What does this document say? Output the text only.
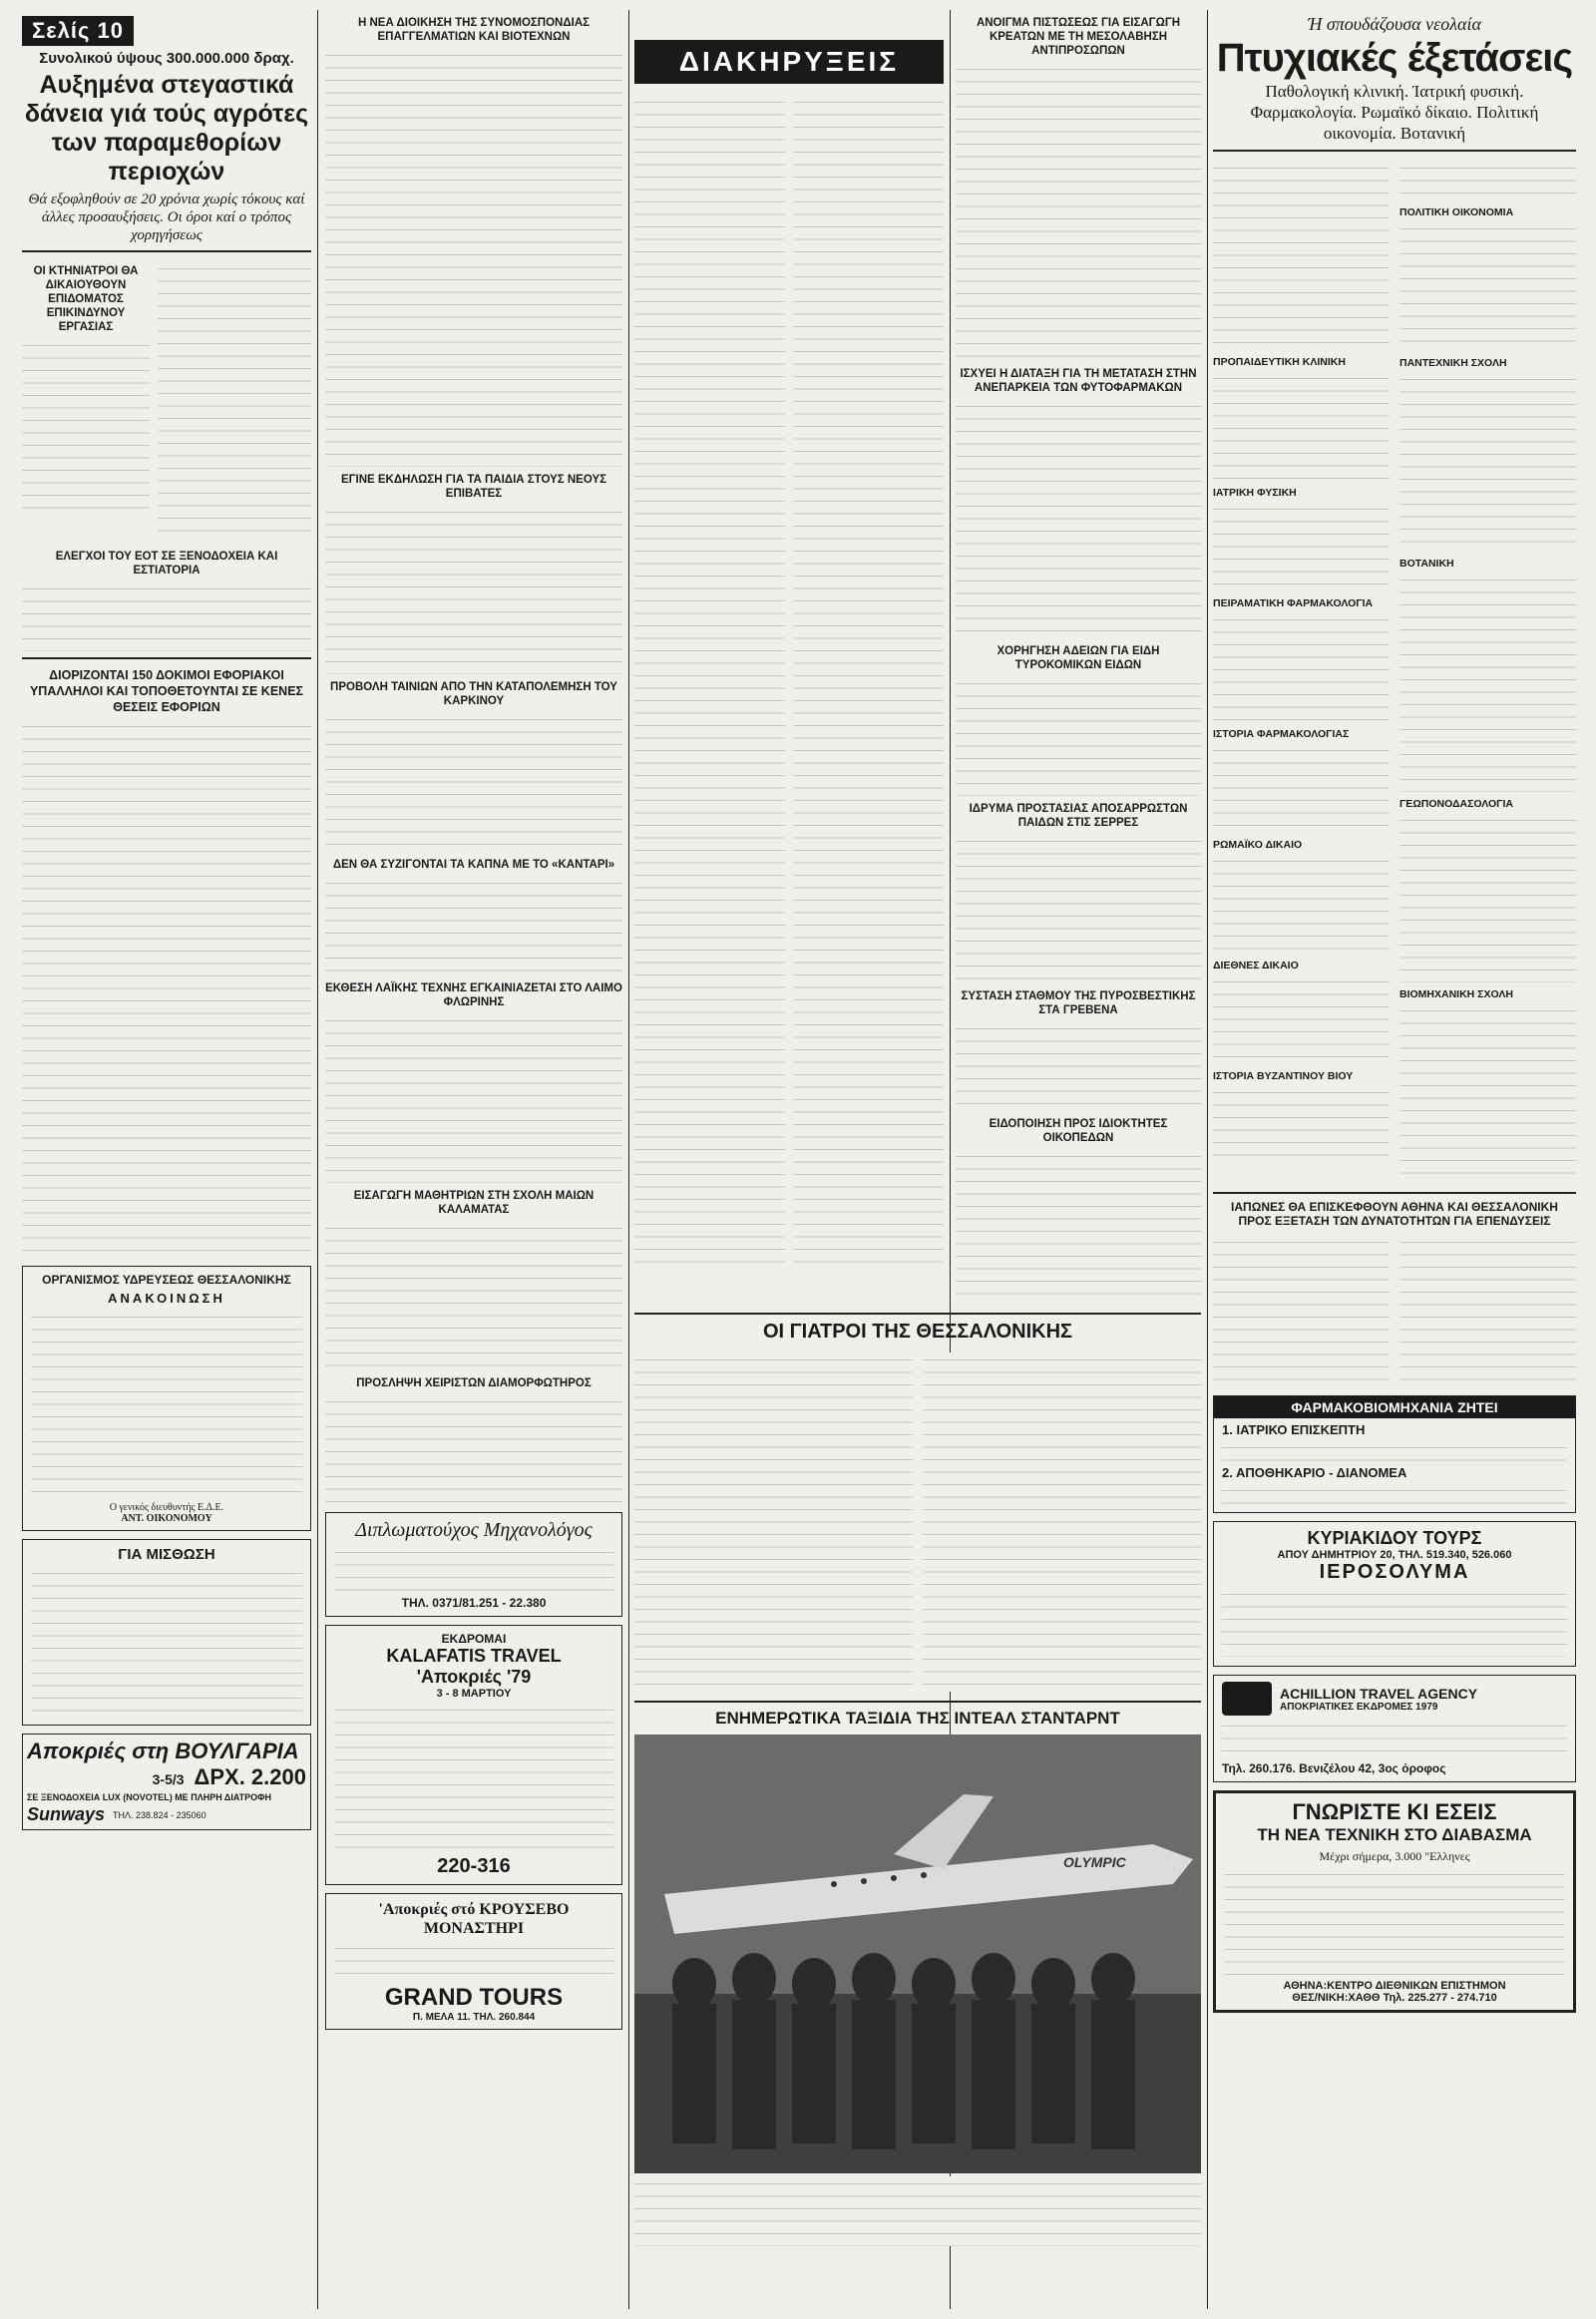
Σελίς 10
Συνολικού ύψους 300.000.000 δραχ.
Αυξημένα στεγαστικά δάνεια γιά τούς αγρότες των παραμεθορίων περιοχών
Θά εξοφληθούν σε 20 χρόνια χωρίς τόκους καί άλλες προσαυξήσεις. Οι όροι καί ο τρόπος χορηγήσεως
ΟΙ ΚΤΗΝΙΑΤΡΟΙ ΘΑ ΔΙΚΑΙΟΥΘΟΥΝ ΕΠΙΔΟΜΑΤΟΣ ΕΠΙΚΙΝΔΥΝΟΥ ΕΡΓΑΣΙΑΣ
ΕΛΕΓΧΟΙ ΤΟΥ ΕΟΤ ΣΕ ΞΕΝΟΔΟΧΕΙΑ ΚΑΙ ΕΣΤΙΑΤΟΡΙΑ
ΔΙΟΡΙΖΟΝΤΑΙ 150 ΔΟΚΙΜΟΙ ΕΦΟΡΙΑΚΟΙ ΥΠΑΛΛΗΛΟΙ ΚΑΙ ΤΟΠΟΘΕΤΟΥΝΤΑΙ ΣΕ ΚΕΝΕΣ ΘΕΣΕΙΣ ΕΦΟΡΙΩΝ
ΟΡΓΑΝΙΣΜΟΣ ΥΔΡΕΥΣΕΩΣ ΘΕΣΣΑΛΟΝΙΚΗΣ
ΑΝΑΚΟΙΝΩΣΗ
Ο γενικός διευθυντής Ε.Δ.Ε.
ΑΝΤ. ΟΙΚΟΝΟΜΟΥ
ΓΙΑ ΜΙΣΘΩΣΗ
Αποκριές στη ΒΟΥΛΓΑΡΙΑ
3-5/3 ΔΡΧ. 2.200
ΣΕ ΞΕΝΟΔΟΧΕΙΑ LUX (NOVOTEL) ΜΕ ΠΛΗΡΗ ΔΙΑΤΡΟΦΗ
Sunways ΤΗΛ. 238.824 - 235060
Η ΝΕΑ ΔΙΟΙΚΗΣΗ ΤΗΣ ΣΥΝΟΜΟΣΠΟΝΔΙΑΣ ΕΠΑΓΓΕΛΜΑΤΙΩΝ ΚΑΙ ΒΙΟΤΕΧΝΩΝ
ΕΓΙΝΕ ΕΚΔΗΛΩΣΗ ΓΙΑ ΤΑ ΠΑΙΔΙΑ ΣΤΟΥΣ ΝΕΟΥΣ ΕΠΙΒΑΤΕΣ
ΠΡΟΒΟΛΗ ΤΑΙΝΙΩΝ ΑΠΟ ΤΗΝ ΚΑΤΑΠΟΛΕΜΗΣΗ ΤΟΥ ΚΑΡΚΙΝΟΥ
ΔΕΝ ΘΑ ΣΥΖΙΓΟΝΤΑΙ ΤΑ ΚΑΠΝΑ ΜΕ ΤΟ «ΚΑΝΤΑΡΙ»
ΕΚΘΕΣΗ ΛΑΪΚΗΣ ΤΕΧΝΗΣ ΕΓΚΑΙΝΙΑΖΕΤΑΙ ΣΤΟ ΛΑΙΜΟ ΦΛΩΡΙΝΗΣ
ΕΙΣΑΓΩΓΗ ΜΑΘΗΤΡΙΩΝ ΣΤΗ ΣΧΟΛΗ ΜΑΙΩΝ ΚΑΛΑΜΑΤΑΣ
ΠΡΟΣΛΗΨΗ ΧΕΙΡΙΣΤΩΝ ΔΙΑΜΟΡΦΩΤΗΡΟΣ
Διπλωματούχος Μηχανολόγος
ΤΗΛ. 0371/81.251 - 22.380
ΕΚΔΡΟΜΑΙ
KALAFATIS TRAVEL
'Αποκριές '79
3 - 8 ΜΑΡΤΙΟΥ
220-316
'Αποκριές στό ΚΡΟΥΣΕΒΟ ΜΟΝΑΣΤΗΡΙ
GRAND TOURS
Π. ΜΕΛΑ 11. ΤΗΛ. 260.844
ΔΙΑΚΗΡΥΞΕΙΣ
ΑΝΟΙΓΜΑ ΠΙΣΤΩΣΕΩΣ ΓΙΑ ΕΙΣΑΓΩΓΗ ΚΡΕΑΤΩΝ ΜΕ ΤΗ ΜΕΣΟΛΑΒΗΣΗ ΑΝΤΙΠΡΟΣΩΠΩΝ
ΙΣΧΥΕΙ Η ΔΙΑΤΑΞΗ ΓΙΑ ΤΗ ΜΕΤΑΤΑΣΗ ΣΤΗΝ ΑΝΕΠΑΡΚΕΙΑ ΤΩΝ ΦΥΤΟΦΑΡΜΑΚΩΝ
ΧΟΡΗΓΗΣΗ ΑΔΕΙΩΝ ΓΙΑ ΕΙΔΗ ΤΥΡΟΚΟΜΙΚΩΝ ΕΙΔΩΝ
ΙΔΡΥΜΑ ΠΡΟΣΤΑΣΙΑΣ ΑΠΟΣΑΡΡΩΣΤΩΝ ΠΑΙΔΩΝ ΣΤΙΣ ΣΕΡΡΕΣ
ΣΥΣΤΑΣΗ ΣΤΑΘΜΟΥ ΤΗΣ ΠΥΡΟΣΒΕΣΤΙΚΗΣ ΣΤΑ ΓΡΕΒΕΝΑ
ΕΙΔΟΠΟΙΗΣΗ ΠΡΟΣ ΙΔΙΟΚΤΗΤΕΣ ΟΙΚΟΠΕΔΩΝ
ΟΙ ΓΙΑΤΡΟΙ ΤΗΣ ΘΕΣΣΑΛΟΝΙΚΗΣ
ΕΝΗΜΕΡΩΤΙΚΑ ΤΑΞΙΔΙΑ ΤΗΣ ΙΝΤΕΑΛ ΣΤΑΝΤΑΡΝΤ
OLYMPIC
Ή σπουδάζουσα νεολαία
Πτυχιακές έξετάσεις
Παθολογική κλινική. Ίατρική φυσική. Φαρμακολογία. Ρωμαϊκό δίκαιο. Πολιτική οικονομία. Βοτανική
ΠΡΟΠΑΙΔΕΥΤΙΚΗ ΚΛΙΝΙΚΗ
ΙΑΤΡΙΚΗ ΦΥΣΙΚΗ
ΠΕΙΡΑΜΑΤΙΚΗ ΦΑΡΜΑΚΟΛΟΓΙΑ
ΙΣΤΟΡΙΑ ΦΑΡΜΑΚΟΛΟΓΙΑΣ
ΡΩΜΑΪΚΟ ΔΙΚΑΙΟ
ΔΙΕΘΝΕΣ ΔΙΚΑΙΟ
ΙΣΤΟΡΙΑ ΒΥΖΑΝΤΙΝΟΥ ΒΙΟΥ
ΠΟΛΙΤΙΚΗ ΟΙΚΟΝΟΜΙΑ
ΠΑΝΤΕΧΝΙΚΗ ΣΧΟΛΗ
ΒΟΤΑΝΙΚΗ
ΓΕΩΠΟΝΟΔΑΣΟΛΟΓΙΑ
ΒΙΟΜΗΧΑΝΙΚΗ ΣΧΟΛΗ
ΙΑΠΩΝΕΣ ΘΑ ΕΠΙΣΚΕΦΘΟΥΝ ΑΘΗΝΑ ΚΑΙ ΘΕΣΣΑΛΟΝΙΚΗ ΠΡΟΣ ΕΞΕΤΑΣΗ ΤΩΝ ΔΥΝΑΤΟΤΗΤΩΝ ΓΙΑ ΕΠΕΝΔΥΣΕΙΣ
ΦΑΡΜΑΚΟΒΙΟΜΗΧΑΝΙΑ ΖΗΤΕΙ
1. ΙΑΤΡΙΚΟ ΕΠΙΣΚΕΠΤΗ
2. ΑΠΟΘΗΚΑΡΙΟ - ΔΙΑΝΟΜΕΑ
ΚΥΡΙΑΚΙΔΟΥ ΤΟΥΡΣ
ΑΠΟΥ ΔΗΜΗΤΡΙΟΥ 20, ΤΗΛ. 519.340, 526.060
ΙΕΡΟΣΟΛΥΜΑ
ACHILLION TRAVEL AGENCY
ΑΠΟΚΡΙΑΤΙΚΕΣ ΕΚΔΡΟΜΕΣ 1979
Τηλ. 260.176. Βενιζέλου 42, 3ος όροφος
ΓΝΩΡΙΣΤΕ ΚΙ ΕΣΕΙΣ
ΤΗ ΝΕΑ ΤΕΧΝΙΚΗ ΣΤΟ ΔΙΑΒΑΣΜΑ
Μέχρι σήμερα, 3.000 "Ελληνες
ΑΘΗΝΑ:ΚΕΝΤΡΟ ΔΙΕΘΝΙΚΩΝ ΕΠΙΣΤΗΜΟΝ
ΘΕΣ/ΝΙΚΗ:ΧΑΘΘ Τηλ. 225.277 - 274.710
